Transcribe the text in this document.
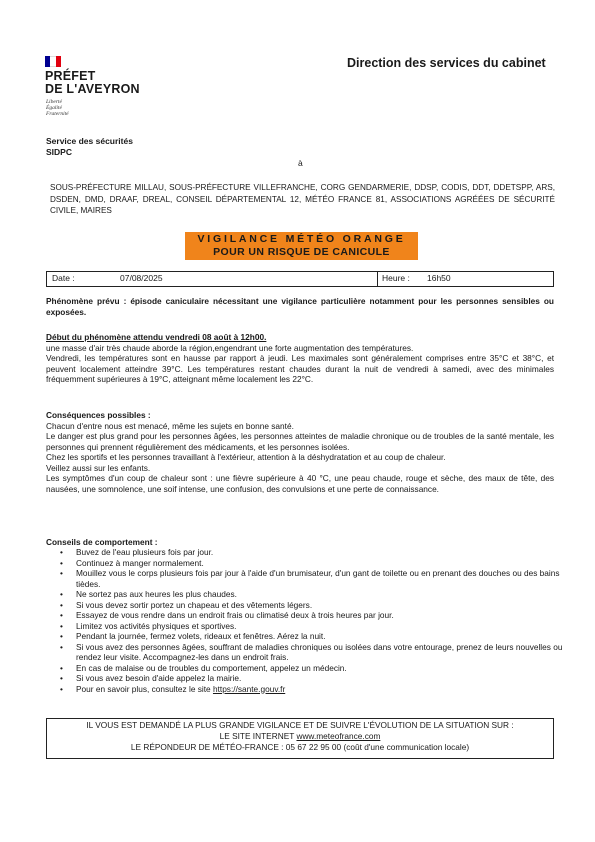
PRÉFET
DE L'AVEYRON
Liberté
Égalité
Fraternité
Direction des services du cabinet
Service des sécurités
SIDPC
à
SOUS-PRÉFECTURE MILLAU, SOUS-PRÉFECTURE VILLEFRANCHE, CORG GENDARMERIE, DDSP, CODIS, DDT, DDETSPP, ARS, DSDEN, DMD, DRAAF, DREAL, CONSEIL DÉPARTEMENTAL 12, MÉTÉO FRANCE 81, ASSOCIATIONS AGRÉÉES DE SÉCURITÉ CIVILE, MAIRES
VIGILANCE MÉTÉO ORANGE
POUR UN RISQUE DE CANICULE
Date :	07/08/2025	Heure : 16h50
Phénomène prévu : épisode caniculaire nécessitant une vigilance particulière notamment pour les personnes sensibles ou exposées.
Début du phénomène attendu vendredi 08 août à 12h00.
une masse d'air très chaude aborde la région,engendrant une forte augmentation des températures.
Vendredi, les températures sont en hausse par rapport à jeudi. Les maximales sont généralement comprises entre 35°C et 38°C, et peuvent localement atteindre 39°C. Les températures restant chaudes durant la nuit de vendredi à samedi, avec des minimales fréquemment supérieures à 19°C, atteignant même localement les 22°C.
Conséquences possibles :
Chacun d'entre nous est menacé, même les sujets en bonne santé.
Le danger est plus grand pour les personnes âgées, les personnes atteintes de maladie chronique ou de troubles de la santé mentale, les personnes qui prennent régulièrement des médicaments, et les personnes isolées.
Chez les sportifs et les personnes travaillant à l'extérieur, attention à la déshydratation et au coup de chaleur.
Veillez aussi sur les enfants.
Les symptômes d'un coup de chaleur sont : une fièvre supérieure à 40 °C, une peau chaude, rouge et sèche, des maux de tête, des nausées, une somnolence, une soif intense, une confusion, des convulsions et une perte de connaissance.
Conseils de comportement :
• Buvez de l'eau plusieurs fois par jour.
• Continuez à manger normalement.
• Mouillez vous le corps plusieurs fois par jour à l'aide d'un brumisateur, d'un gant de toilette ou en prenant des douches ou des bains tièdes.
• Ne sortez pas aux heures les plus chaudes.
• Si vous devez sortir portez un chapeau et des vêtements légers.
• Essayez de vous rendre dans un endroit frais ou climatisé deux à trois heures par jour.
• Limitez vos activités physiques et sportives.
• Pendant la journée, fermez volets, rideaux et fenêtres. Aérez la nuit.
• Si vous avez des personnes âgées, souffrant de maladies chroniques ou isolées dans votre entourage, prenez de leurs nouvelles ou rendez leur visite. Accompagnez-les dans un endroit frais.
• En cas de malaise ou de troubles du comportement, appelez un médecin.
• Si vous avez besoin d'aide appelez la mairie.
• Pour en savoir plus, consultez le site https://sante.gouv.fr
IL VOUS EST DEMANDÉ LA PLUS GRANDE VIGILANCE ET DE SUIVRE L'ÉVOLUTION DE LA SITUATION SUR :
LE SITE INTERNET www.meteofrance.com
LE RÉPONDEUR DE MÉTÉO-FRANCE : 05 67 22 95 00 (coût d'une communication locale)
